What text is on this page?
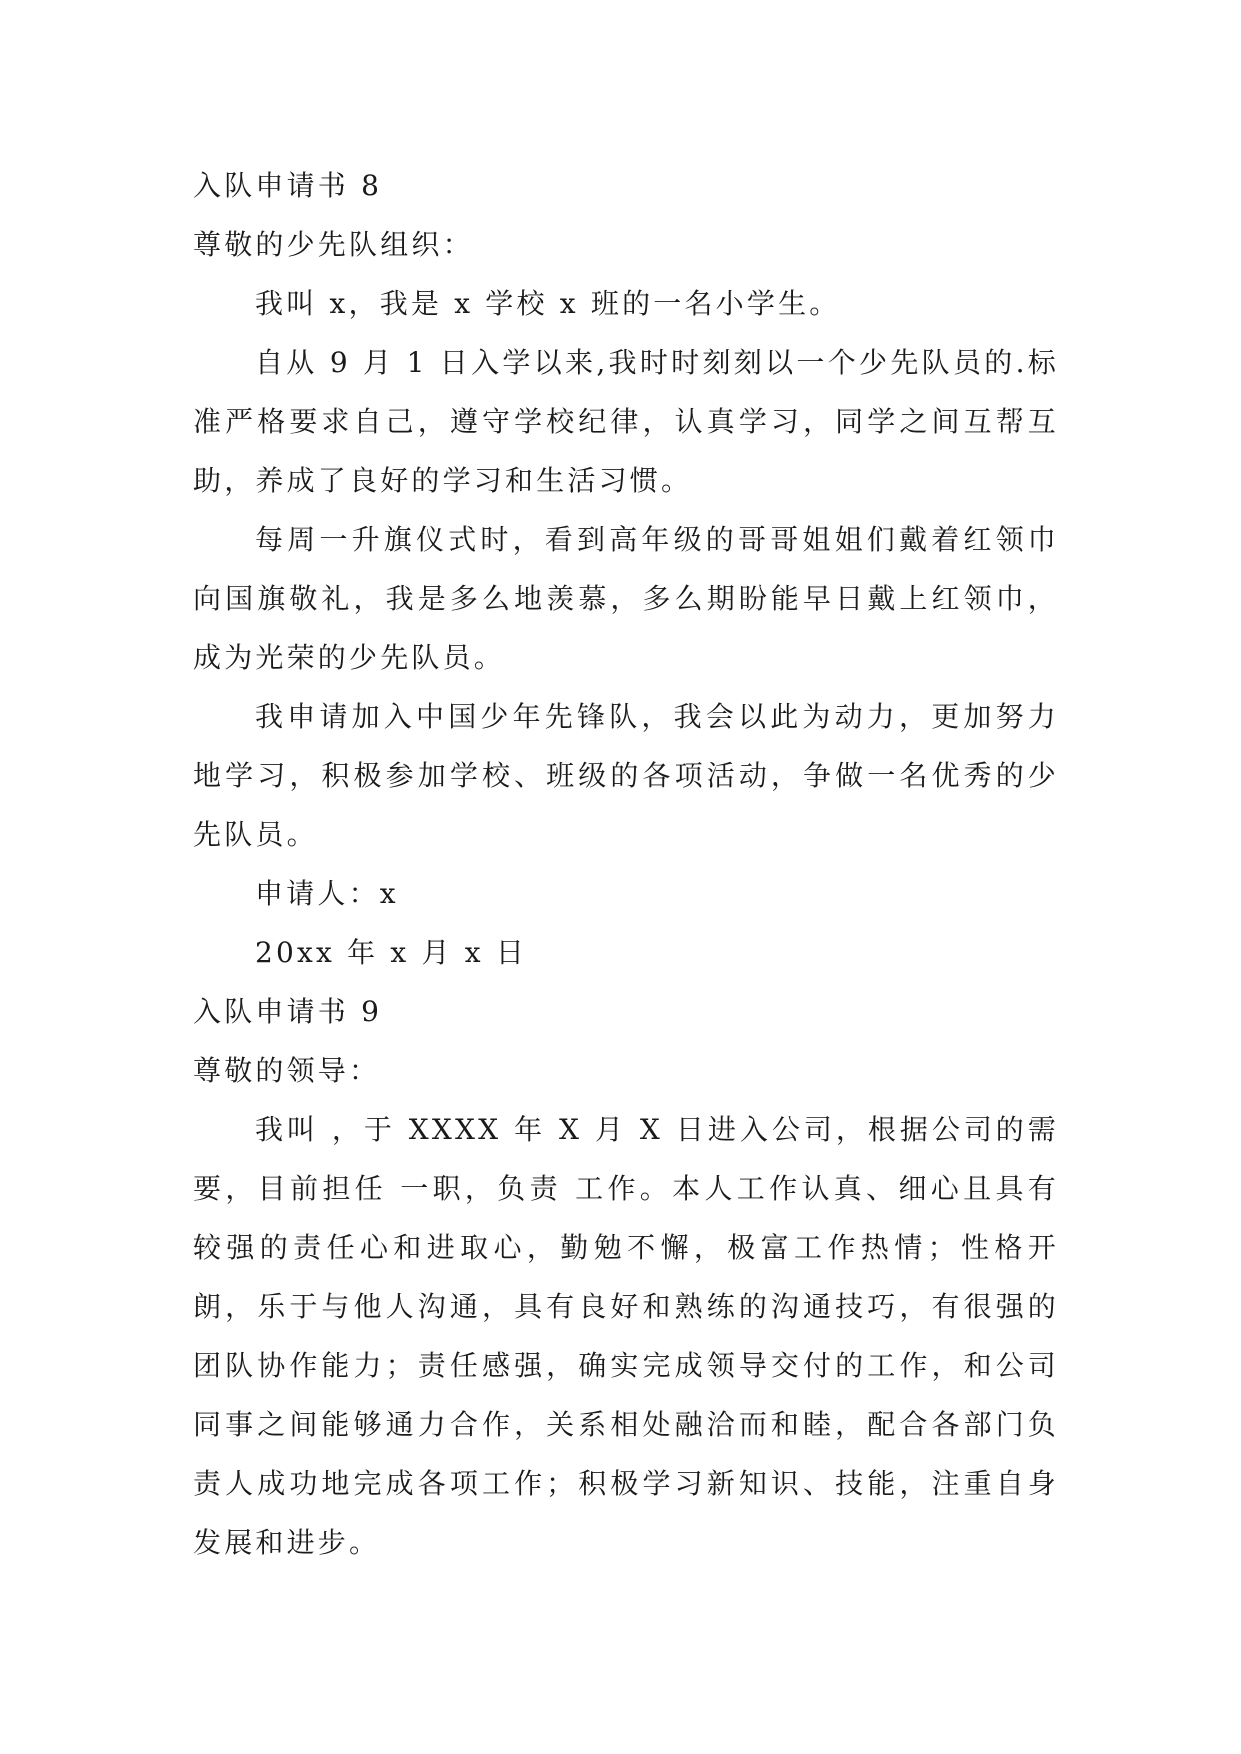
入队申请书 8

尊敬的少先队组织：

我叫 x，我是 x 学校 x 班的一名小学生。

自从 9 月 1 日入学以来,我时时刻刻以一个少先队员的.标准严格要求自己，遵守学校纪律，认真学习，同学之间互帮互助，养成了良好的学习和生活习惯。

每周一升旗仪式时，看到高年级的哥哥姐姐们戴着红领巾向国旗敬礼，我是多么地羡慕，多么期盼能早日戴上红领巾，成为光荣的少先队员。

我申请加入中国少年先锋队，我会以此为动力，更加努力地学习，积极参加学校、班级的各项活动，争做一名优秀的少先队员。

申请人：x

20xx 年 x 月 x 日

入队申请书 9

尊敬的领导：

我叫 ，于 XXXX 年 X 月 X 日进入公司，根据公司的需要，目前担任 一职，负责 工作。本人工作认真、细心且具有较强的责任心和进取心，勤勉不懈，极富工作热情；性格开朗，乐于与他人沟通，具有良好和熟练的沟通技巧，有很强的团队协作能力；责任感强，确实完成领导交付的工作，和公司同事之间能够通力合作，关系相处融洽而和睦，配合各部门负责人成功地完成各项工作；积极学习新知识、技能，注重自身发展和进步。
